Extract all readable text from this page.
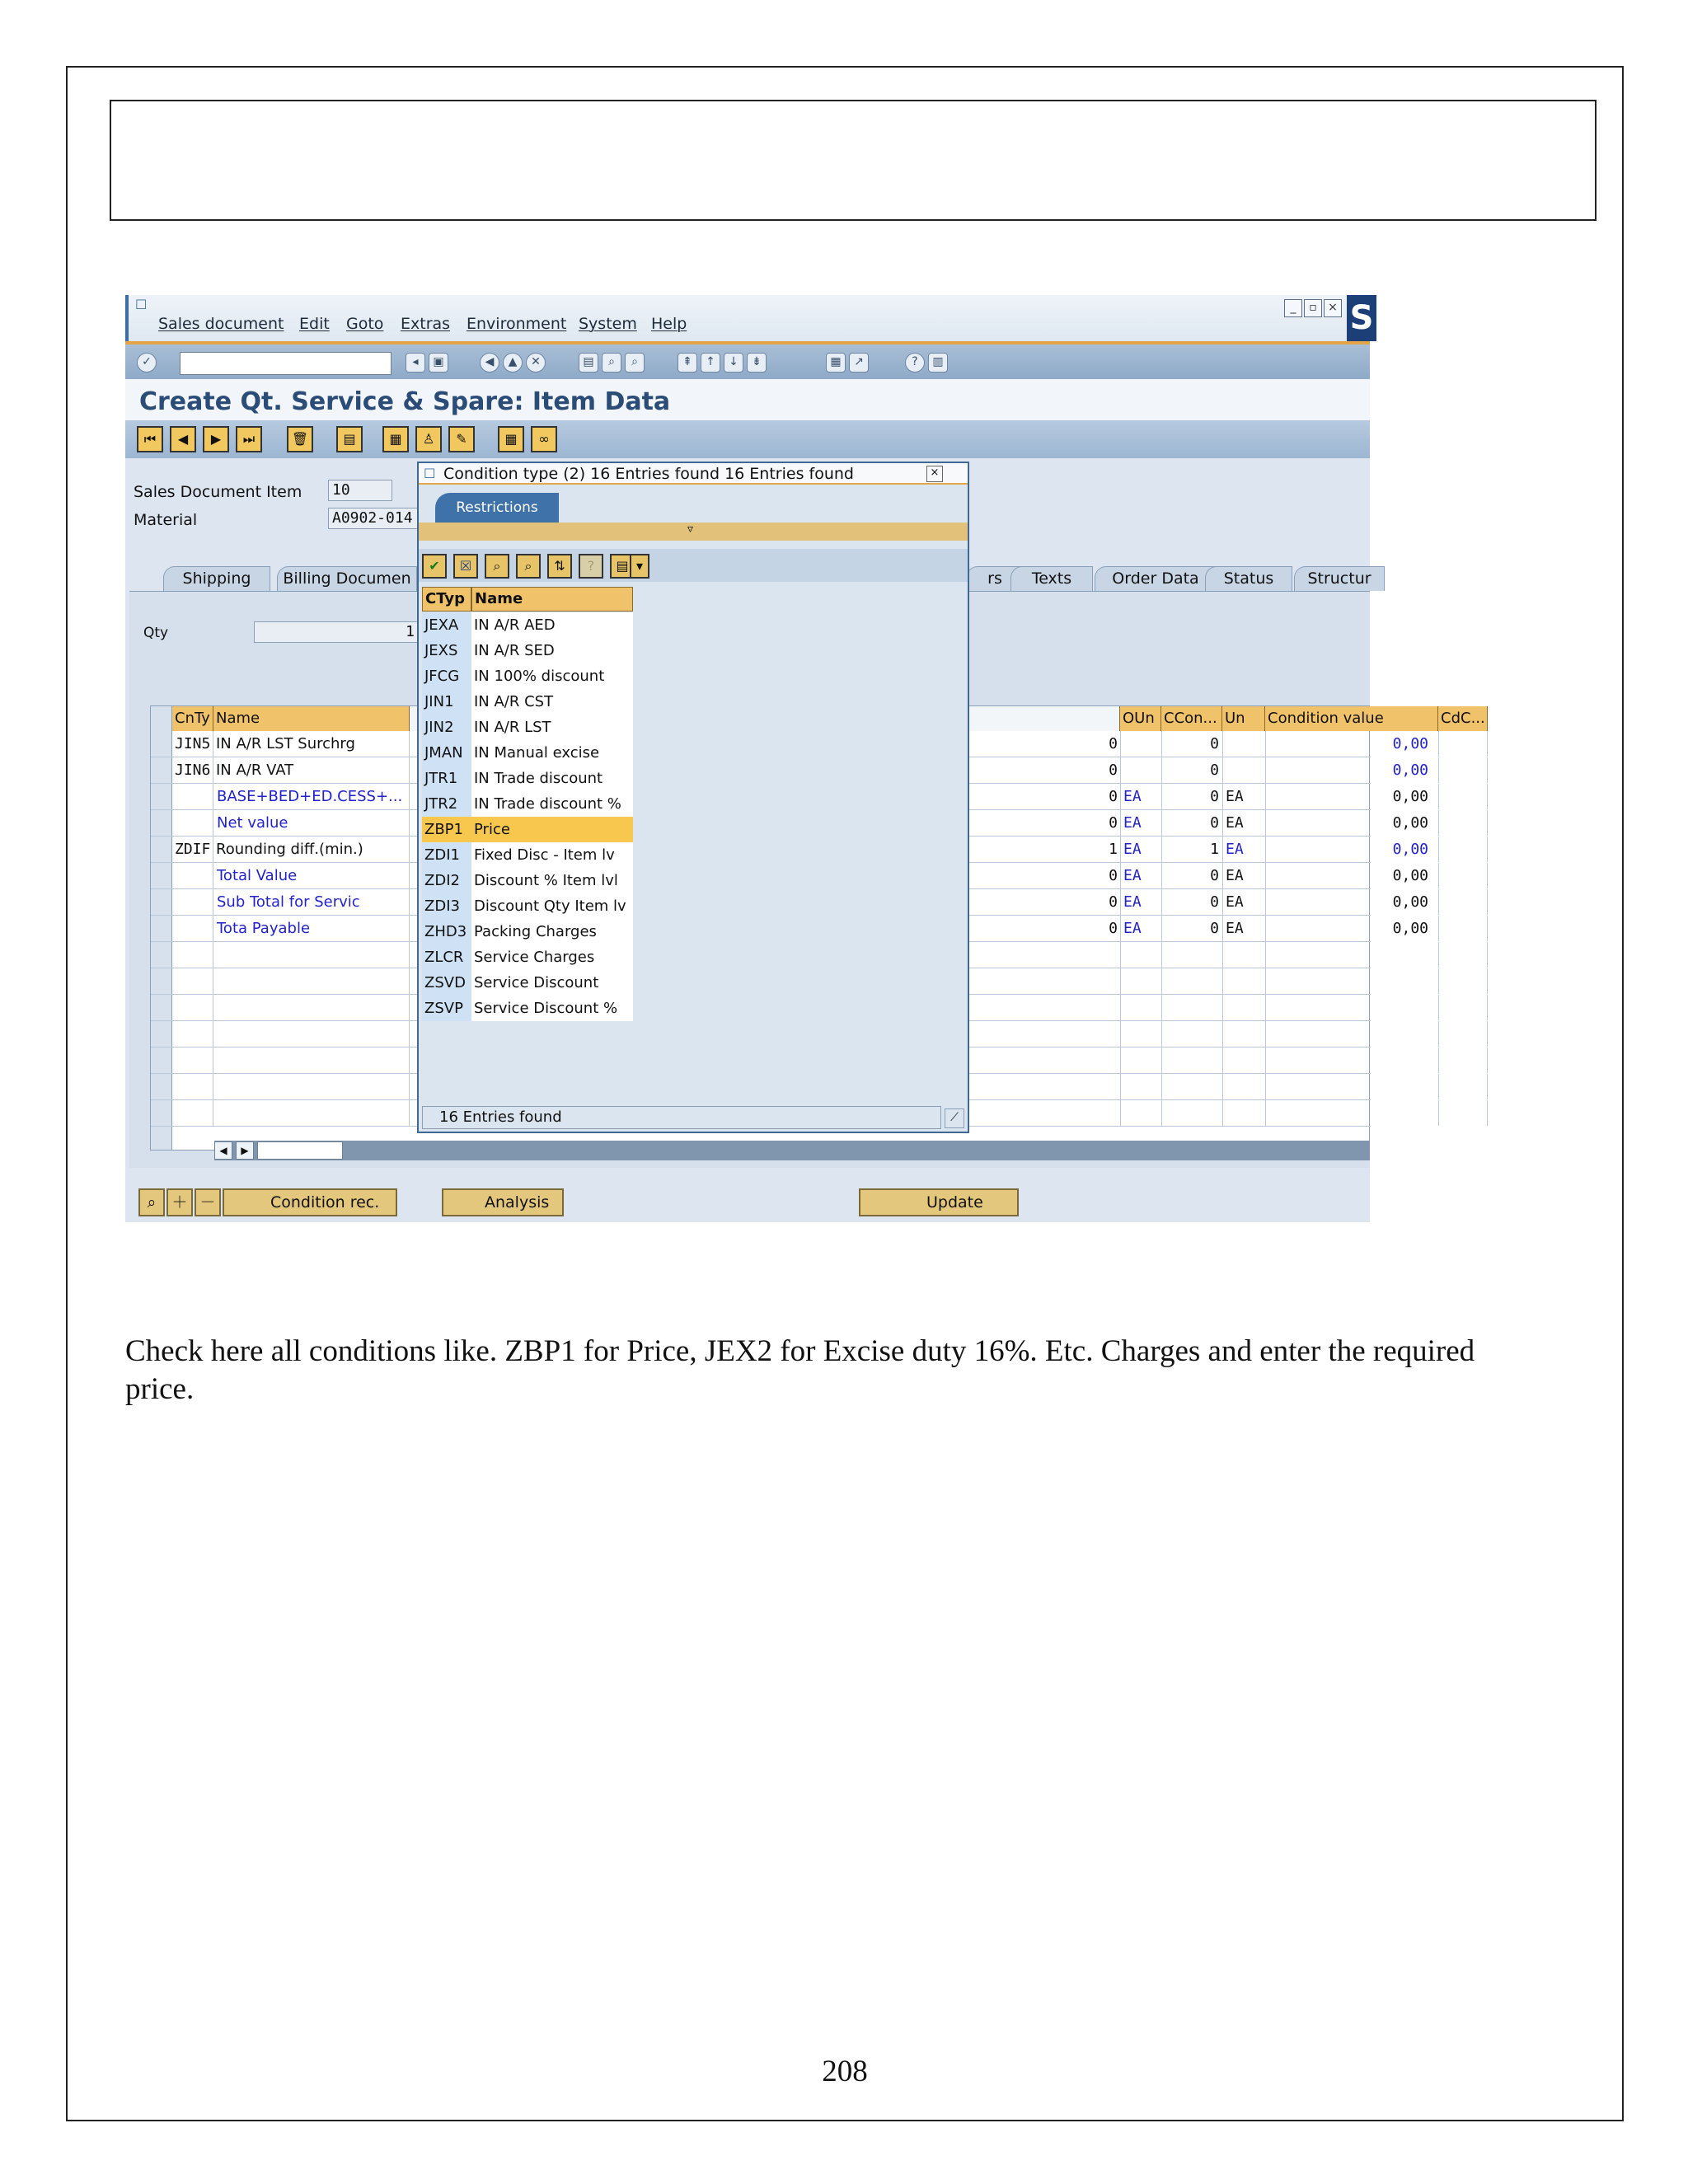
☐
Sales document Edit Goto Extras Environment System Help
_	▫ × S
✓	◂	▣	◀	▲	✕	▤	⌕	⌕	⇞	↑	↓	⇟	▦	↗	?	▥
Create Qt. Service & Spare: Item Data
⏮	◀	▶	⏭	🗑	▤	▦	♙	✎	▦	∞
Sales Document Item 10
Material	A0902-014
Shipping	Billing Documen	rs	Texts	Order Data	Status	Structur
Qty	1
CnTy Name	OUn CCon... Un	Condition value	CdC...
JIN5 IN A/R LST Surchrg	0	0	0,00
JIN6 IN A/R VAT	0	0	0,00
BASE+BED+ED.CESS+...	0 EA	0 EA	0,00
Net value	0 EA	0 EA	0,00
ZDIF Rounding diff.(min.)	1 EA	1 EA	0,00
Total Value	0 EA	0 EA	0,00
Sub Total for Servic	0 EA	0 EA	0,00
Tota Payable	0 EA	0 EA	0,00
◀	▶
⌕	＋ －	Condition rec.	Analysis	Update
☐ Condition type (2) 16 Entries found 16 Entries found	×
Restrictions
▿
✔	☒	⌕	⌕	⇅	?	▤ ▾
CTyp Name
JEXA	IN A/R AED
JEXS	IN A/R SED
JFCG IN 100% discount
JIN1	IN A/R CST
JIN2	IN A/R LST
JMAN IN Manual excise
JTR1	IN Trade discount
JTR2	IN Trade discount %
ZBP1 Price
ZDI1 Fixed Disc - Item lv
ZDI2 Discount % Item lvl
ZDI3 Discount Qty Item lv
ZHD3 Packing Charges
ZLCR Service Charges
ZSVD Service Discount
ZSVP Service Discount %
16 Entries found	⟋
Check here all conditions like. ZBP1 for Price, JEX2 for Excise duty 16%. Etc. Charges and enter the required price.
208
